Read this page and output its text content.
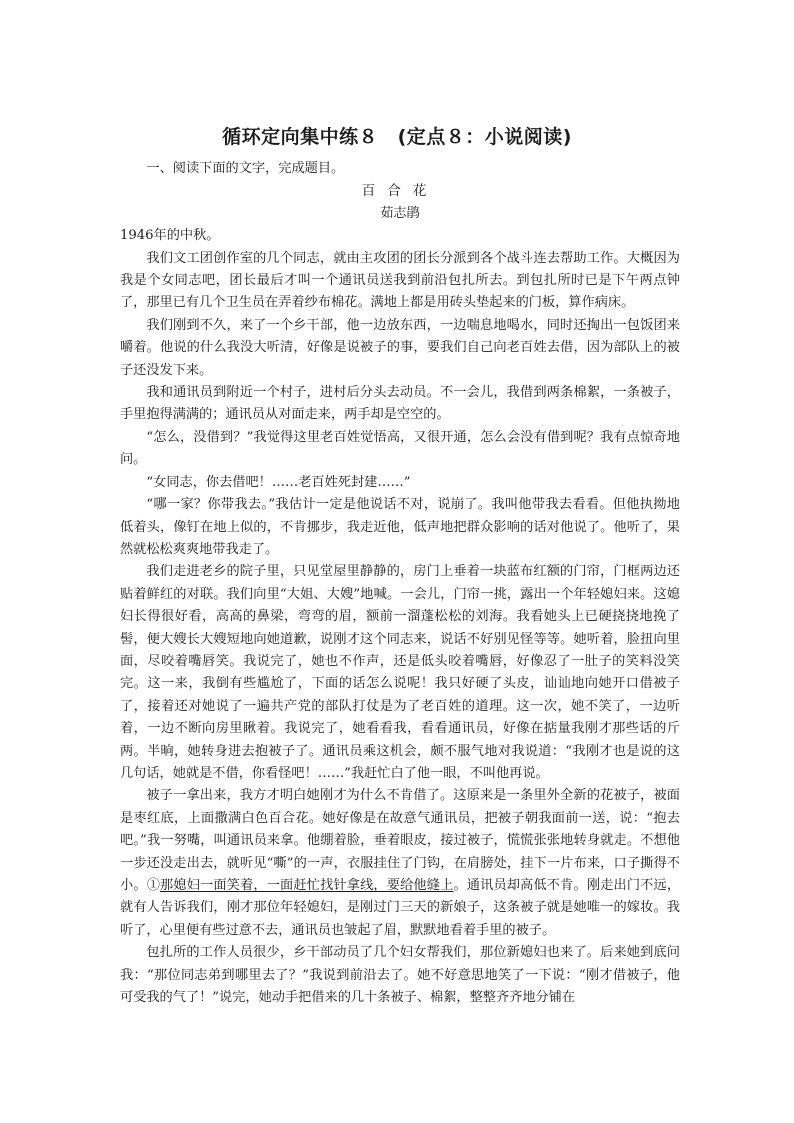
循环定向集中练８　(定点８：小说阅读)

一、阅读下面的文字，完成题目。

百合花

茹志鹃

1946年的中秋。

我们文工团创作室的几个同志，就由主攻团的团长分派到各个战斗连去帮助工作。大概因为我是个女同志吧，团长最后才叫一个通讯员送我到前沿包扎所去。到包扎所时已是下午两点钟了，那里已有几个卫生员在弄着纱布棉花。满地上都是用砖头垫起来的门板，算作病床。

我们刚到不久，来了一个乡干部，他一边放东西，一边喘息地喝水，同时还掏出一包饭团来嚼着。他说的什么我没大听清，好像是说被子的事，要我们自己向老百姓去借，因为部队上的被子还没发下来。

我和通讯员到附近一个村子，进村后分头去动员。不一会儿，我借到两条棉絮，一条被子，手里抱得满满的；通讯员从对面走来，两手却是空空的。

“怎么，没借到？”我觉得这里老百姓觉悟高，又很开通，怎么会没有借到呢？我有点惊奇地问。

“女同志，你去借吧！……老百姓死封建……”

“哪一家？你带我去。”我估计一定是他说话不对，说崩了。我叫他带我去看看。但他执拗地低着头，像钉在地上似的，不肯挪步，我走近他，低声地把群众影响的话对他说了。他听了，果然就松松爽爽地带我走了。

我们走进老乡的院子里，只见堂屋里静静的，房门上垂着一块蓝布红额的门帘，门框两边还贴着鲜红的对联。我们向里“大姐、大嫂”地喊。一会儿，门帘一挑，露出一个年轻媳妇来。这媳妇长得很好看，高高的鼻梁，弯弯的眉，额前一溜蓬松松的刘海。我看她头上已硬挠挠地挽了髻，便大嫂长大嫂短地向她道歉，说刚才这个同志来，说话不好别见怪等等。她听着，脸扭向里面，尽咬着嘴唇笑。我说完了，她也不作声，还是低头咬着嘴唇，好像忍了一肚子的笑料没笑完。这一来，我倒有些尴尬了，下面的话怎么说呢！我只好硬了头皮，讪讪地向她开口借被子了，接着还对她说了一遍共产党的部队打仗是为了老百姓的道理。这一次，她不笑了，一边听着，一边不断向房里瞅着。我说完了，她看看我，看看通讯员，好像在掂量我刚才那些话的斤两。半晌，她转身进去抱被子了。通讯员乘这机会，颇不服气地对我说道：“我刚才也是说的这几句话，她就是不借，你看怪吧！……”我赶忙白了他一眼，不叫他再说。

被子一拿出来，我方才明白她刚才为什么不肯借了。这原来是一条里外全新的花被子，被面是枣红底，上面撒满白色百合花。她好像是在故意气通讯员，把被子朝我面前一送，说：“抱去吧。”我一努嘴，叫通讯员来拿。他绷着脸，垂着眼皮，接过被子，慌慌张张地转身就走。不想他一步还没走出去，就听见“嘶”的一声，衣服挂住了门钩，在肩膀处，挂下一片布来，口子撕得不小。①那媳妇一面笑着，一面赶忙找针拿线，要给他缝上。通讯员却高低不肯。刚走出门不远，就有人告诉我们，刚才那位年轻媳妇，是刚过门三天的新娘子，这条被子就是她唯一的嫁妆。我听了，心里便有些过意不去，通讯员也皱起了眉，默默地看着手里的被子。

包扎所的工作人员很少，乡干部动员了几个妇女帮我们，那位新媳妇也来了。后来她到底问我：“那位同志弟到哪里去了？”我说到前沿去了。她不好意思地笑了一下说：“刚才借被子，他可受我的气了！”说完，她动手把借来的几十条被子、棉絮，整整齐齐地分铺在
